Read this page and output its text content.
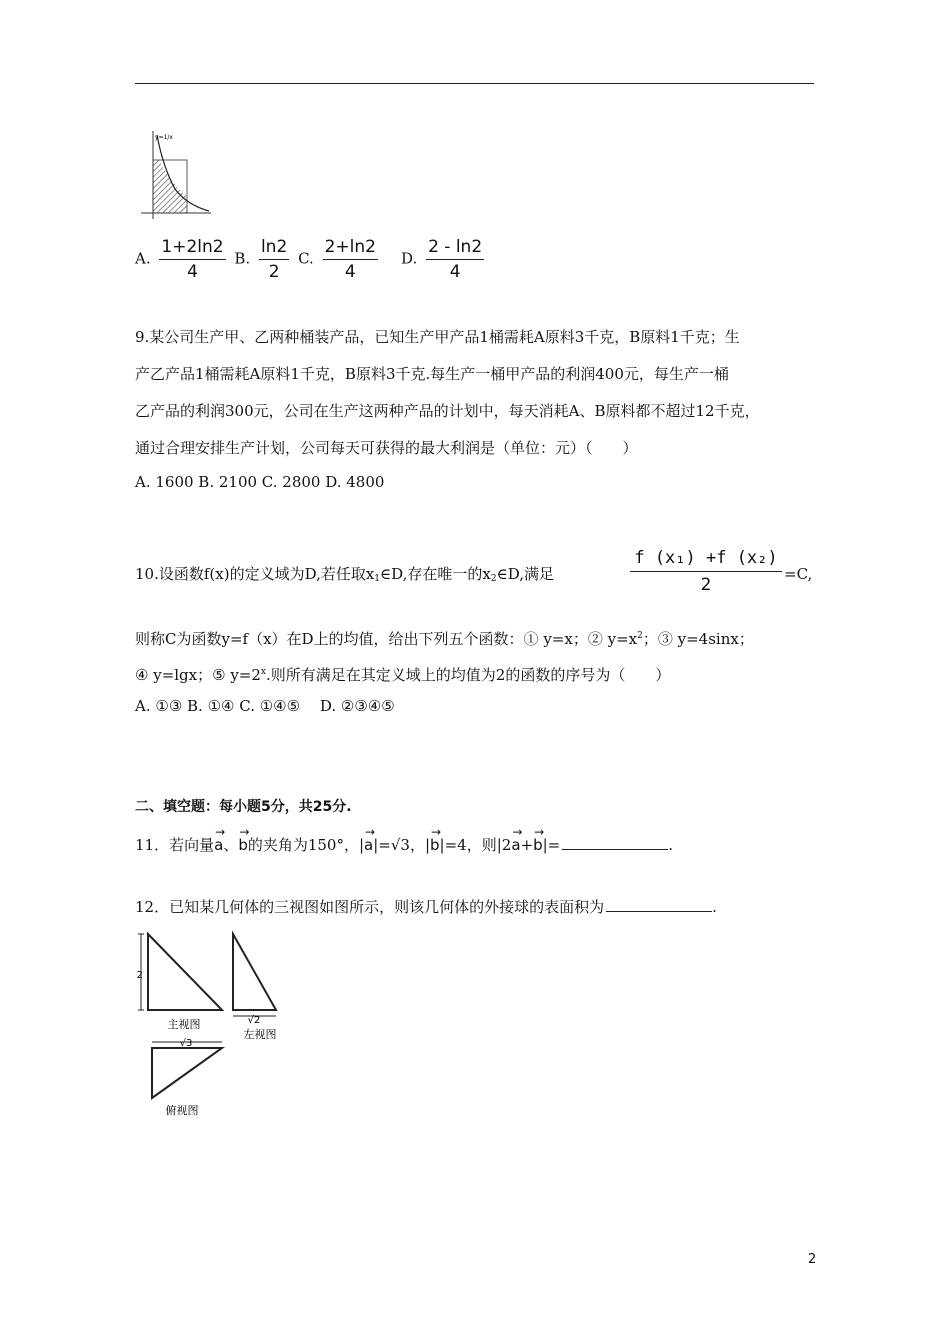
y=1/x
A. $\frac{1+2\ln 2}{4} B$. $\frac{\ln 2}{2} C$. $\frac{2+\ln 2}{4} D$. $\frac{2 - \ln 2}{4}$
9.某公司生产甲、乙两种桶装产品，已知生产甲产品1桶需耗A原料3千克，B原料1千克；生
产乙产品1桶需耗A原料1千克，B原料3千克.每生产一桶甲产品的利润400元，每生产一桶
乙产品的利润300元，公司在生产这两种产品的计划中，每天消耗A、B原料都不超过12千克，
通过合理安排生产计划，公司每天可获得的最大利润是（单位：元）（　　）
A. 1600 B. 2100 C. 2800 D. 4800
10.设函数f(x)的定义域为D,若任取x1∈D,存在唯一的x2∈D,满足	$\frac{\text{f (x₁) +f (x₂)}}{2} =C$,
则称C为函数y=f（x）在D上的均值，给出下列五个函数：① y=x；② $y=x^2$；③ y=4sinx；
④ y=lgx；⑤ $y=2^x$.则所有满足在其定义域上的均值为2的函数的序号为（　　）
A. ①③ B. ①④ C. ①④⑤　 D. ②③④⑤
二、填空题：每小题5分，共25分.
11．若向量→ a、→ b的夹角为150°，|→ a|=√3，|→ b|=4，则|2→ a+→ b|=	.
12．已知某几何体的三视图如图所示，则该几何体的外接球的表面积为	.
2
主视图	√2
左视图
√3
俯视图
2
